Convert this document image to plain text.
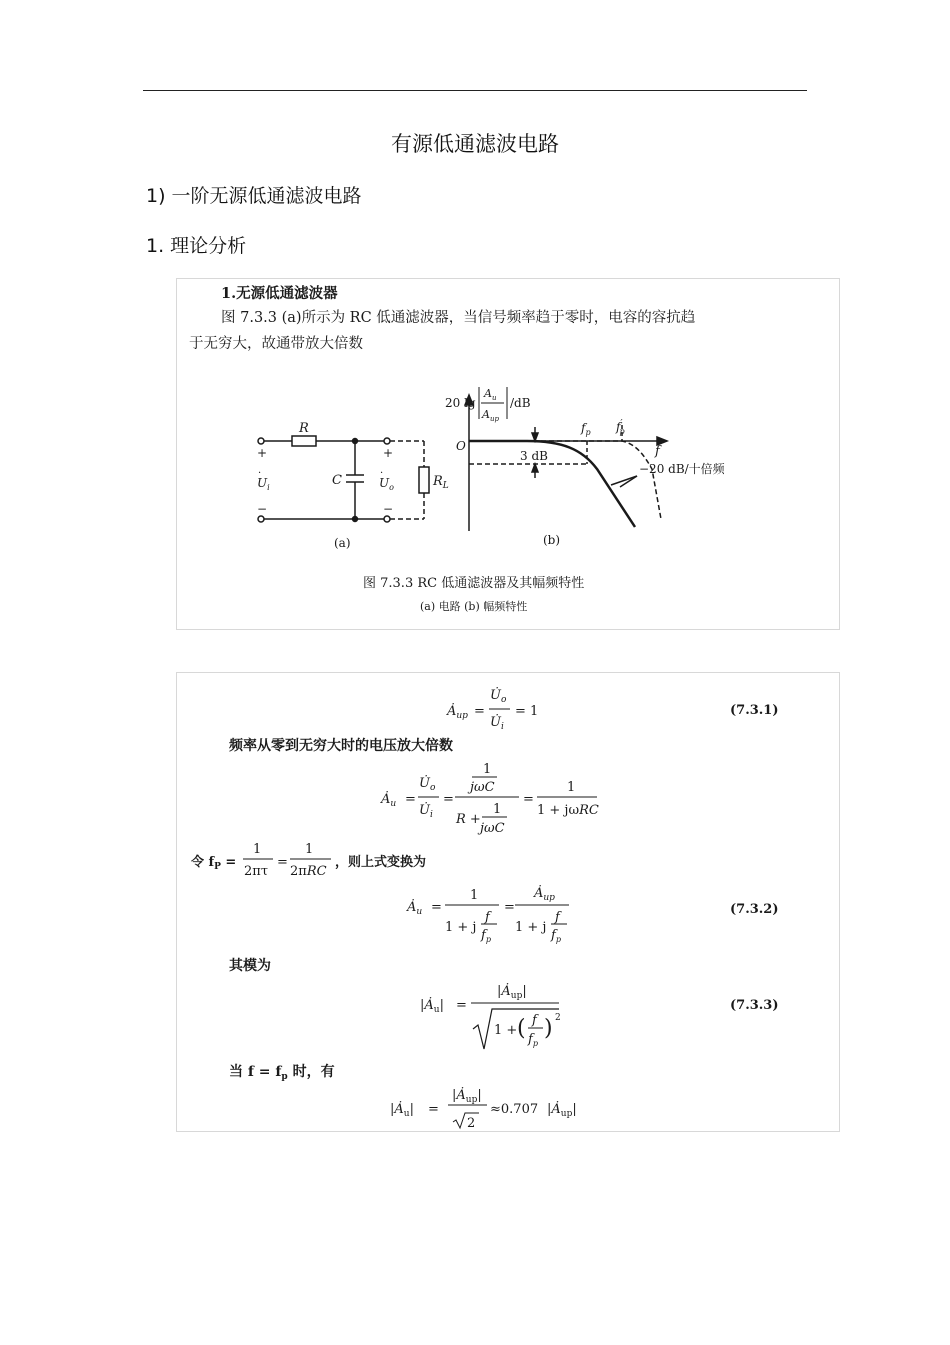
有源低通滤波电路
1) 一阶无源低通滤波电路
1. 理论分析
1.无源低通滤波器
图 7.3.3 (a)所示为 RC 低通滤波器，当信号频率趋于零时，电容的容抗趋
于无穷大，故通带放大倍数
R
C	$R_L$
+
−
+
−
$U_i$
·
$U_o$
·
(a)
20 lg
$A_u$
$A_{up}$
/dB
O	f
$f_p$ f′ p
3 dB
−20 dB/十倍频
(b)
图 7.3.3 RC 低通滤波器及其幅频特性
(a) 电路 (b) 幅频特性
$Ȧ_{up}$ =
$U̇_o$
$U̇_i$
= 1	(7.3.1)
频率从零到无穷大时的电压放大倍数
$Ȧ_u$ =
$U̇_o$
$U̇_i$
=
1
jωC
R +
1
jωC
=
1
1 + jωRC
令 $f_P$ =
1
2πτ
=
1
2πRC
，则上式变换为
$Ȧ_u$ =
1
1 + j
f
$f_p$
=
$Ȧ_{up}$
1 + j
f
$f_p$
(7.3.2)
其模为
$|Ȧ_u|$ =
$|Ȧ_{up}|$
1 + ( f
$f_p$
) 2
(7.3.3)
当 $f = f_p$ 时，有
$|Ȧ_u|$ =
$|Ȧ_{up}|$
2
≈0.707 $|Ȧ_{up}|$
